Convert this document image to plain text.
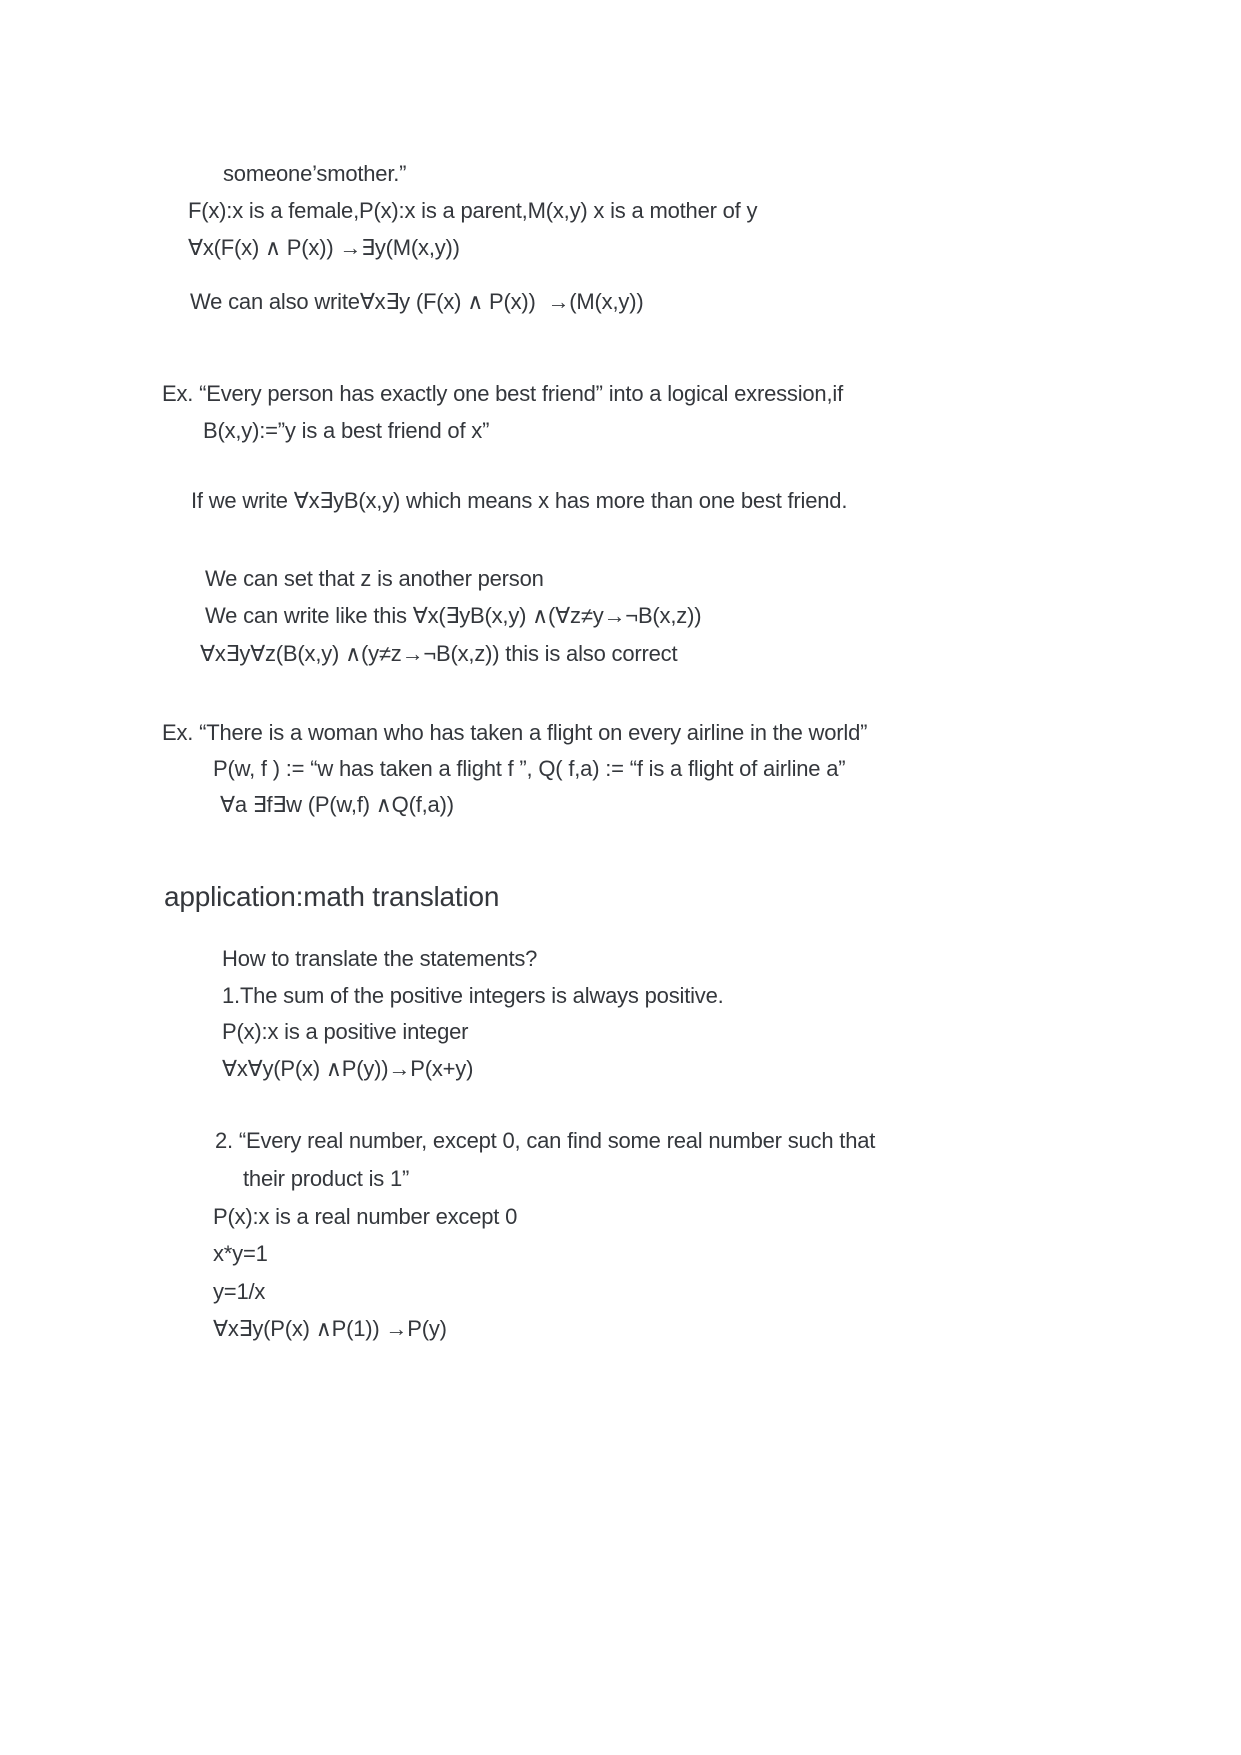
someone’smother.”
F(x):x is a female,P(x):x is a parent,M(x,y) x is a mother of y
∀x(F(x) ∧ P(x)) →∃y(M(x,y))
We can also write∀x∃y (F(x) ∧ P(x))  →(M(x,y))
Ex. “Every person has exactly one best friend” into a logical exression,if
B(x,y):=”y is a best friend of x”
If we write ∀x∃yB(x,y) which means x has more than one best friend.
We can set that z is another person
We can write like this ∀x(∃yB(x,y) ∧(∀z≠y→¬B(x,z))
∀x∃y∀z(B(x,y) ∧(y≠z→¬B(x,z)) this is also correct
Ex. “There is a woman who has taken a flight on every airline in the world”
P(w, f ) := “w has taken a flight f ”, Q( f,a) := “f is a flight of airline a”
∀a ∃f∃w (P(w,f) ∧Q(f,a))
application:math translation
How to translate the statements?
1.The sum of the positive integers is always positive.
P(x):x is a positive integer
∀x∀y(P(x) ∧P(y))→P(x+y)
2. “Every real number, except 0, can find some real number such that
their product is 1”
P(x):x is a real number except 0
x*y=1
y=1/x
∀x∃y(P(x) ∧P(1)) →P(y)
